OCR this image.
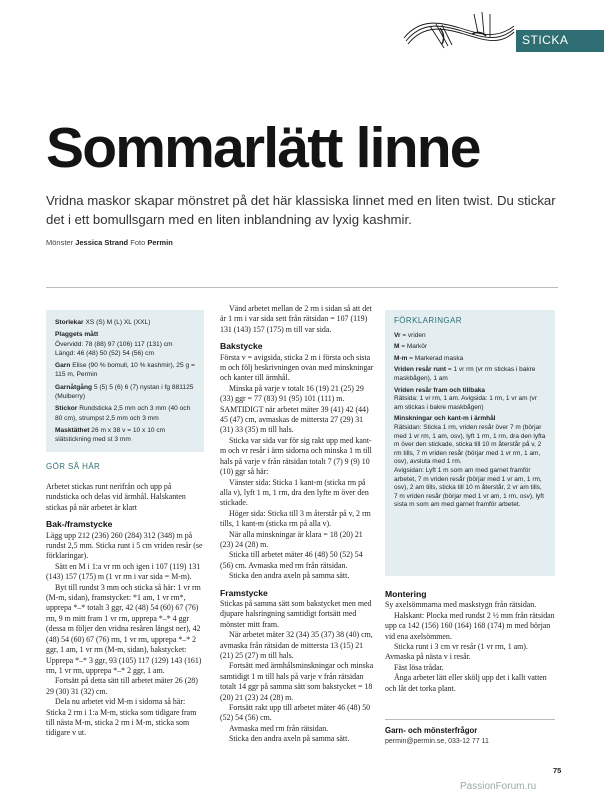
STICKA
Sommarlätt linne

Vridna maskor skapar mönstret på det här klassiska linnet med en liten twist. Du stickar det i ett bomullsgarn med en liten inblandning av lyxig kashmir.

Mönster Jessica Strand Foto Permin
Storlekar XS (S) M (L) XL (XXL)
Plaggets mått
Övervidd: 78 (88) 97 (106) 117 (131) cm
Längd: 46 (48) 50 (52) 54 (56) cm
Garn Elise (90 % bomull, 10 % kashmir), 25 g = 115 m, Permin
Garnåtgång 5 (5) 5 (6) 6 (7) nystan i fg 881125 (Mulberry)
Stickor Rundsticka 2,5 mm och 3 mm (40 och 80 cm), strumpst 2,5 mm och 3 mm
Masktäthet 26 m x 38 v = 10 x 10 cm slätstickning med st 3 mm
GÖR SÅ HÄR

Arbetet stickas runt nerifrån och upp på rundsticka och delas vid ärmhål. Halskanten stickas på när arbetet är klart

Bak-/framstycke

Lägg upp 212 (236) 260 (284) 312 (348) m på rundst 2,5 mm. Sticka runt i 5 cm vriden resår (se förklaringar).

Sätt en M i 1:a vr rm och igen i 107 (119) 131 (143) 157 (175) m (1 vr rm i var sida = M-m).

Byt till rundst 3 mm och sticka så här: 1 vr rm (M-m, sidan), framstycket: *1 am, 1 vr rm*, upprepa *–* totalt 3 ggr, 42 (48) 54 (60) 67 (76) rm, 9 m mitt fram 1 vr rm, upprepa *–* 4 ggr (dessa m följer den vridna resåren längst ner), 42 (48) 54 (60) 67 (76) rm, 1 vr rm, upprepa *–* 2 ggr, 1 am, 1 vr rm (M-m, sidan), bakstycket: Upprepa *–* 3 ggr, 93 (105) 117 (129) 143 (161) rm, 1 vr rm, upprepa *–* 2 ggr, 1 am.

Fortsätt på detta sätt till arbetet mäter 26 (28) 29 (30) 31 (32) cm.

Dela nu arbetet vid M-m i sidorna så här: Sticka 2 rm i 1:a M-m, sticka som tidigare fram till nästa M-m, sticka 2 rm i M-m, sticka som tidigare v ut.

Vänd arbetet mellan de 2 rm i sidan så att det är 1 rm i var sida sett från rätsidan = 107 (119) 131 (143) 157 (175) m till var sida.

Bakstycke

Första v = avigsida, sticka 2 m i första och sista m och följ beskrivningen ovan med minskningar och kanter till ärmhål.

Minska på varje v totalt 16 (19) 21 (25) 29 (33) ggr = 77 (83) 91 (95) 101 (111) m. SAMTIDIGT när arbetet mäter 39 (41) 42 (44) 45 (47) cm, avmaskas de mittersta 27 (29) 31 (31) 33 (35) m till hals.

Sticka var sida var för sig rakt upp med kant-m och vr resår i ärm sidorna och minska 1 m till hals på varje v från rätsidan totalt 7 (7) 9 (9) 10 (10) ggr så här:

Vänster sida: Sticka 1 kant-m (sticka rm på alla v), lyft 1 m, 1 rm, dra den lyfte m över den stickade.

Höger sida: Sticka till 3 m återstår på v, 2 rm tills, 1 kant-m (sticka rm på alla v).

När alla minskningar är klara = 18 (20) 21 (23) 24 (28) m.

Sticka till arbetet mäter 46 (48) 50 (52) 54 (56) cm. Avmaska med rm från rätsidan.

Sticka den andra axeln på samma sätt.

Framstycke

Stickas på samma sätt som bakstycket men med djupare halsringning samtidigt fortsätt med mönster mitt fram.

När arbetet mäter 32 (34) 35 (37) 38 (40) cm, avmaska från rätsidan de mittersta 13 (15) 21 (21) 25 (27) m till hals.

Fortsätt med ärmhålsminskningar och minska samtidigt 1 m till hals på varje v från rätsidan totalt 14 ggr på samma sätt som bakstycket = 18 (20) 21 (23) 24 (28) m.

Fortsätt rakt upp till arbetet mäter 46 (48) 50 (52) 54 (56) cm.

Avmaska med rm från rätsidan.

Sticka den andra axeln på samma sätt.

FÖRKLARINGAR
Vr = vriden
M = Markör
M-m = Markerad maska
Vriden resår runt = 1 vr rm (vr rm stickas i bakre maskbågen), 1 am
Vriden resår fram och tillbaka
Rätsida: 1 vr rm, 1 am. Avigsida: 1 rm, 1 vr am (vr am stickas i bakre maskbågen)
Minskningar och kant-m i ärmhål
Rätsidan: Sticka 1 rm, vriden resår över 7 m (börjar med 1 vr rm, 1 am, osv), lyft 1 rm, 1 rm, dra den lyfta m över den stickade, sticka till 10 m återstår på v, 2 rm tills, 7 m vriden resår (börjar med 1 vr rm, 1 am, osv), avsluta med 1 rm.
Avigsidan: Lyft 1 m som am med garnet framför arbetet, 7 m vriden resår (börjar med 1 vr am, 1 rm, osv), 2 am tills, sticka till 10 m återstår, 2 vr am tills, 7 m vriden resår (börjar med 1 vr am, 1 rm, osv), lyft sista m som am med garnet framför arbetet.
Montering

Sy axelsömmarna med maskstygn från rätsidan.

Halskant: Plocka med rundst 2 ½ mm från rätsidan upp ca 142 (156) 160 (164) 168 (174) m med början vid ena axelsömmen.

Sticka runt i 3 cm vr resår (1 vr rm, 1 am). Avmaska på nästa v i resår.

Fäst lösa trådar.

Ånga arbetet lätt eller skölj upp det i kallt vatten och låt det torka plant.

Garn- och mönsterfrågor
permin@permin.se, 033-12 77 11
75
PassionForum.ru
